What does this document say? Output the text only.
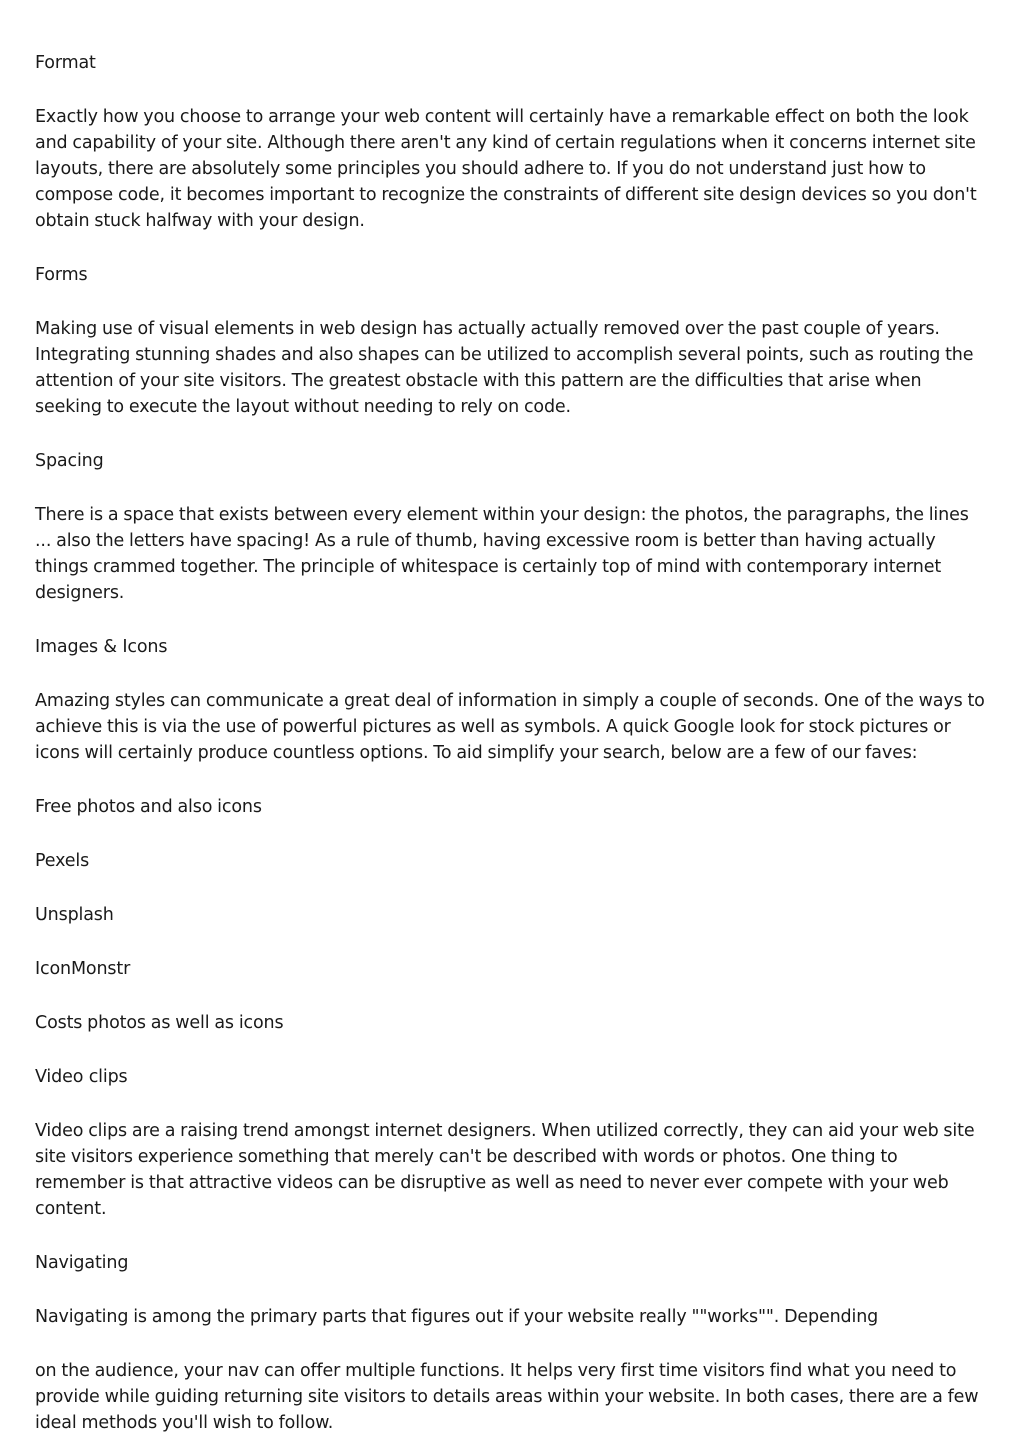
Format

Exactly how you choose to arrange your web content will certainly have a remarkable effect on both the look and capability of your site. Although there aren't any kind of certain regulations when it concerns internet site layouts, there are absolutely some principles you should adhere to. If you do not understand just how to compose code, it becomes important to recognize the constraints of different site design devices so you don't obtain stuck halfway with your design.

Forms

Making use of visual elements in web design has actually actually removed over the past couple of years. Integrating stunning shades and also shapes can be utilized to accomplish several points, such as routing the attention of your site visitors. The greatest obstacle with this pattern are the difficulties that arise when seeking to execute the layout without needing to rely on code.

Spacing

There is a space that exists between every element within your design: the photos, the paragraphs, the lines ... also the letters have spacing! As a rule of thumb, having excessive room is better than having actually things crammed together. The principle of whitespace is certainly top of mind with contemporary internet designers.

Images & Icons

Amazing styles can communicate a great deal of information in simply a couple of seconds. One of the ways to achieve this is via the use of powerful pictures as well as symbols. A quick Google look for stock pictures or icons will certainly produce countless options. To aid simplify your search, below are a few of our faves:

Free photos and also icons

Pexels

Unsplash

IconMonstr

Costs photos as well as icons

Video clips

Video clips are a raising trend amongst internet designers. When utilized correctly, they can aid your web site site visitors experience something that merely can't be described with words or photos. One thing to remember is that attractive videos can be disruptive as well as need to never ever compete with your web content.

Navigating

Navigating is among the primary parts that figures out if your website really ""works"". Depending

on the audience, your nav can offer multiple functions. It helps very first time visitors find what you need to provide while guiding returning site visitors to details areas within your website. In both cases, there are a few ideal methods you'll wish to follow.
